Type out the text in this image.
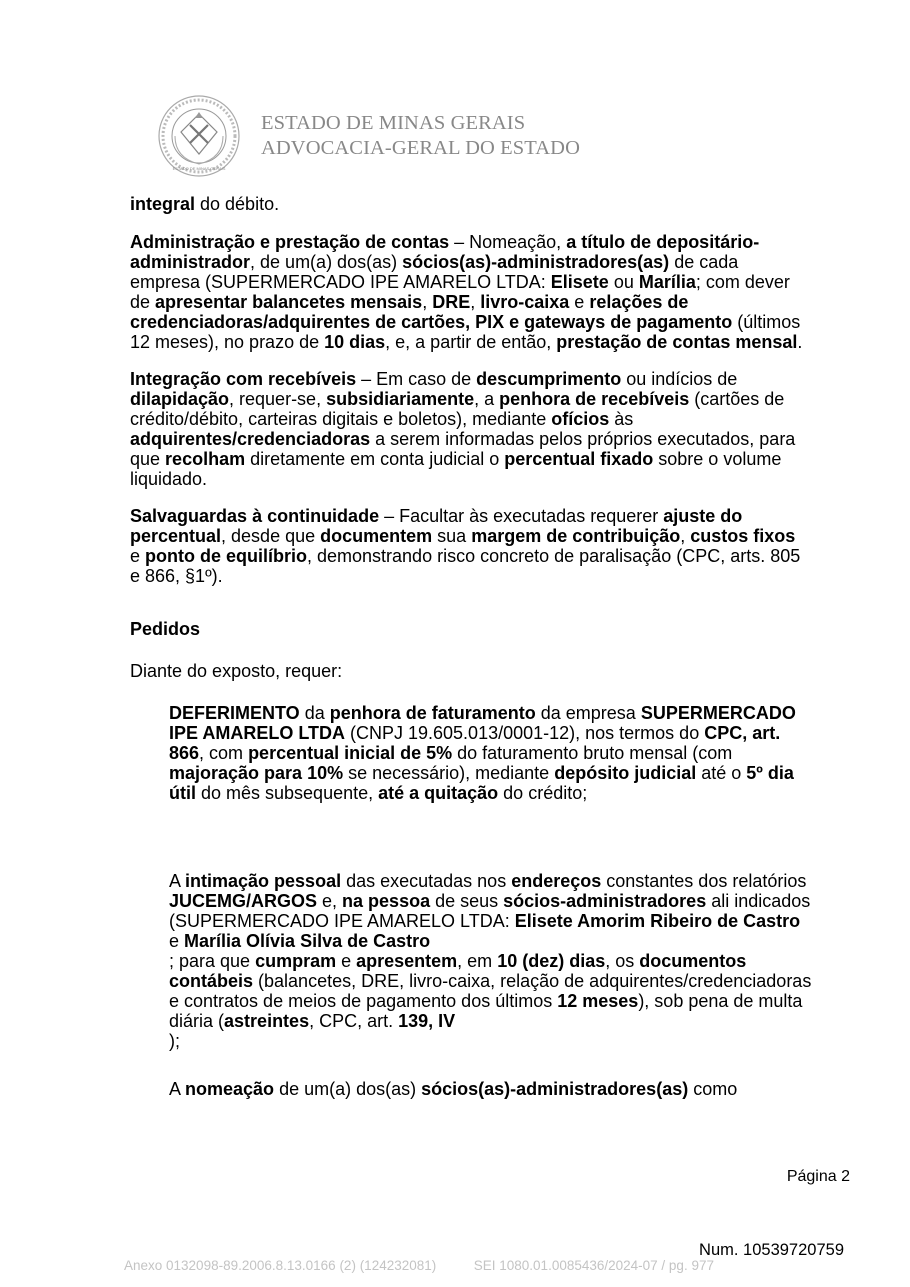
ESTADO DE MINAS GERAIS
ESTADO DE MINAS GERAIS
ADVOCACIA-GERAL DO ESTADO

integral do débito.

Administração e prestação de contas – Nomeação, a título de depositário-administrador, de um(a) dos(as) sócios(as)-administradores(as) de cada empresa (SUPERMERCADO IPE AMARELO LTDA: Elisete ou Marília; com dever de apresentar balancetes mensais, DRE, livro-caixa e relações de credenciadoras/adquirentes de cartões, PIX e gateways de pagamento (últimos 12 meses), no prazo de 10 dias, e, a partir de então, prestação de contas mensal.

Integração com recebíveis – Em caso de descumprimento ou indícios de dilapidação, requer-se, subsidiariamente, a penhora de recebíveis (cartões de crédito/débito, carteiras digitais e boletos), mediante ofícios às adquirentes/credenciadoras a serem informadas pelos próprios executados, para que recolham diretamente em conta judicial o percentual fixado sobre o volume liquidado.

Salvaguardas à continuidade – Facultar às executadas requerer ajuste do percentual, desde que documentem sua margem de contribuição, custos fixos e ponto de equilíbrio, demonstrando risco concreto de paralisação (CPC, arts. 805 e 866, §1º).

Pedidos

Diante do exposto, requer:

DEFERIMENTO da penhora de faturamento da empresa SUPERMERCADO IPE AMARELO LTDA (CNPJ 19.605.013/0001-12), nos termos do CPC, art. 866, com percentual inicial de 5% do faturamento bruto mensal (com majoração para 10% se necessário), mediante depósito judicial até o 5º dia útil do mês subsequente, até a quitação do crédito;

A intimação pessoal das executadas nos endereços constantes dos relatórios JUCEMG/ARGOS e, na pessoa de seus sócios-administradores ali indicados (SUPERMERCADO IPE AMARELO LTDA: Elisete Amorim Ribeiro de Castro e Marília Olívia Silva de Castro
; para que cumpram e apresentem, em 10 (dez) dias, os documentos contábeis (balancetes, DRE, livro-caixa, relação de adquirentes/credenciadoras e contratos de meios de pagamento dos últimos 12 meses), sob pena de multa diária (astreintes, CPC, art. 139, IV
);

A nomeação de um(a) dos(as) sócios(as)-administradores(as) como

Página 2
Num. 10539720759
Anexo 0132098-89.2006.8.13.0166 (2) (124232081)          SEI 1080.01.0085436/2024-07 / pg. 977
